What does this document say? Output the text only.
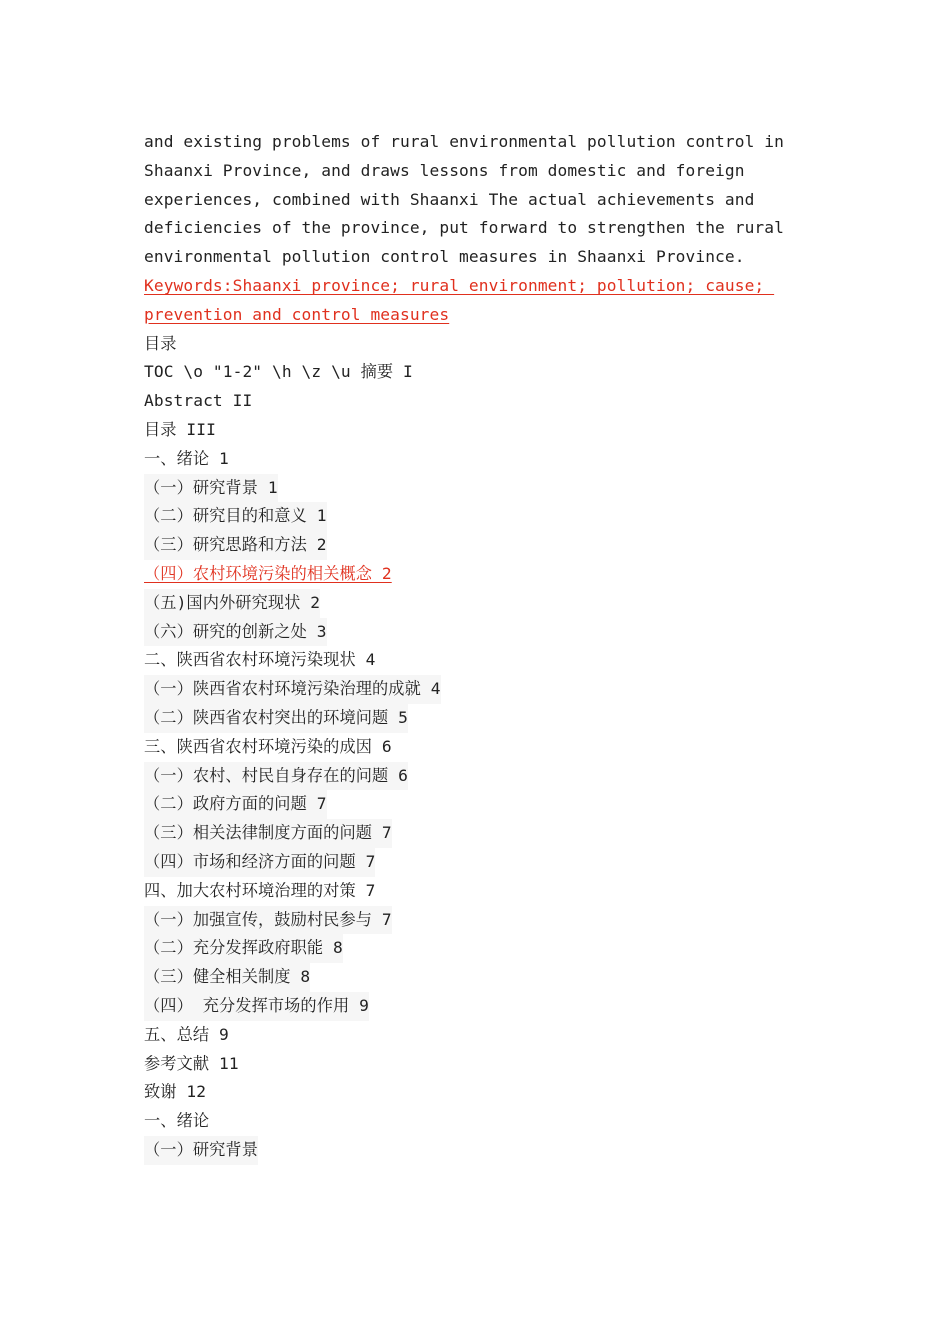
and existing problems of rural environmental pollution control in
Shaanxi Province, and draws lessons from domestic and foreign
experiences, combined with Shaanxi The actual achievements and
deficiencies of the province, put forward to strengthen the rural
environmental pollution control measures in Shaanxi Province.
Keywords:Shaanxi province; rural environment; pollution; cause;
prevention and control measures
目录
TOC \o "1-2" \h \z \u 摘要 I
Abstract II
目录 III
一、绪论 1
（一）研究背景 1
（二）研究目的和意义 1
（三）研究思路和方法 2
（四）农村环境污染的相关概念 2
（五)国内外研究现状 2
（六）研究的创新之处 3
二、陕西省农村环境污染现状 4
（一）陕西省农村环境污染治理的成就 4
（二）陕西省农村突出的环境问题 5
三、陕西省农村环境污染的成因 6
（一）农村、村民自身存在的问题 6
（二）政府方面的问题 7
（三）相关法律制度方面的问题 7
（四）市场和经济方面的问题 7
四、加大农村环境治理的对策 7
（一）加强宣传，鼓励村民参与 7
（二）充分发挥政府职能 8
（三）健全相关制度 8
（四） 充分发挥市场的作用 9
五、总结 9
参考文献 11
致谢 12
一、绪论
（一）研究背景
